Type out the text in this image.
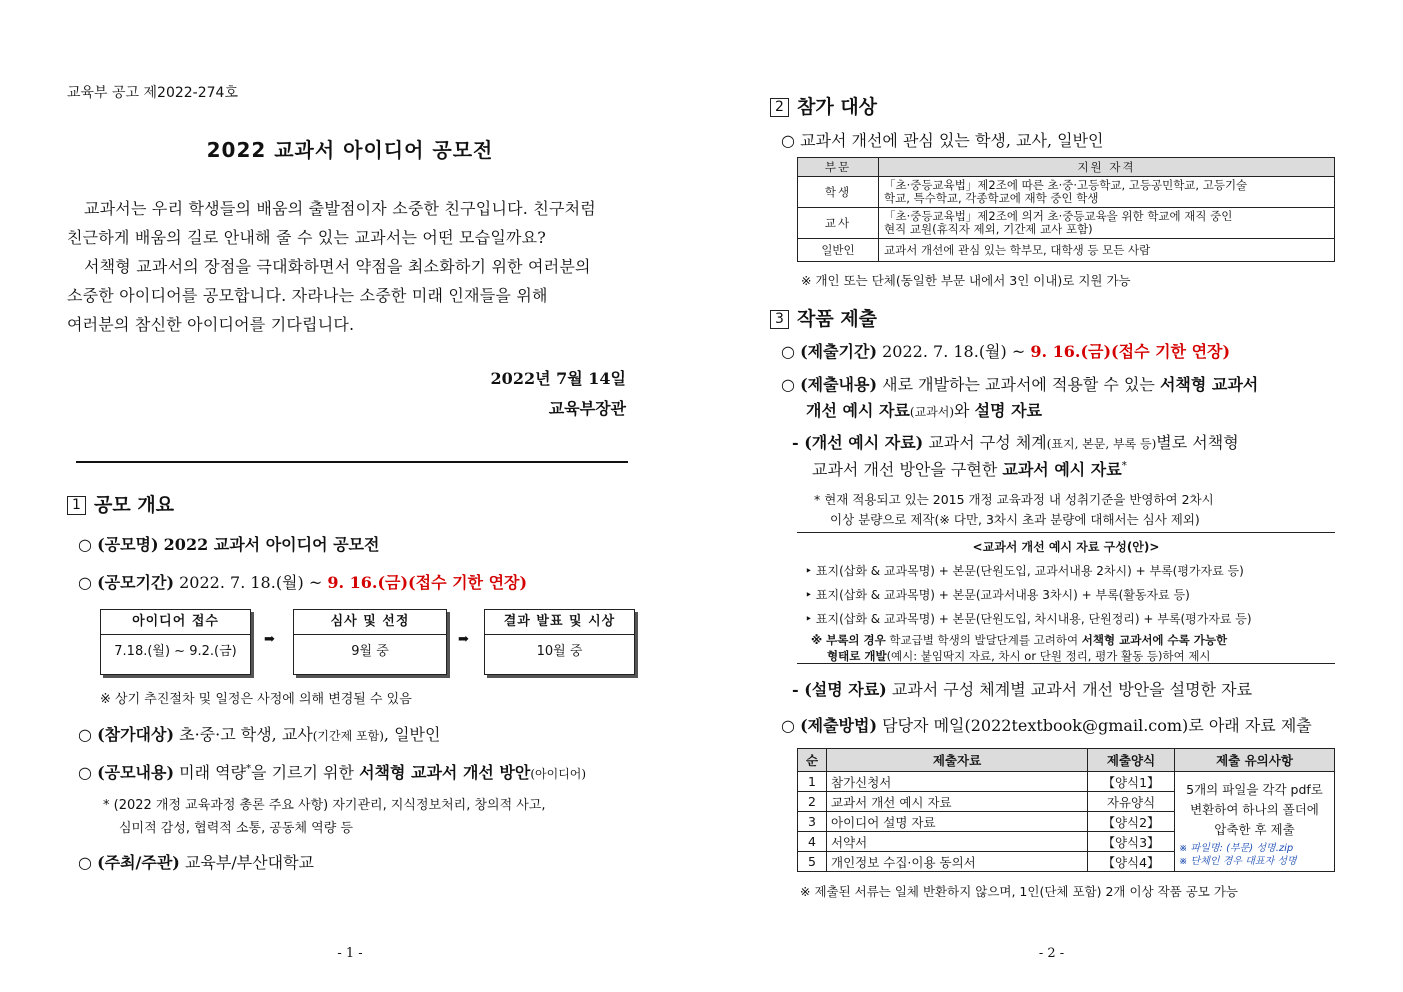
교육부 공고 제2022-274호
2022 교과서 아이디어 공모전
교과서는 우리 학생들의 배움의 출발점이자 소중한 친구입니다. 친구처럼
친근하게 배움의 길로 안내해 줄 수 있는 교과서는 어떤 모습일까요?
서책형 교과서의 장점을 극대화하면서 약점을 최소화하기 위한 여러분의
소중한 아이디어를 공모합니다. 자라나는 소중한 미래 인재들을 위해
여러분의 참신한 아이디어를 기다립니다.
2022년 7월 14일
교육부장관
1 공모 개요
○ (공모명) 2022 교과서 아이디어 공모전
○ (공모기간) 2022. 7. 18.(월) ~ 9. 16.(금)(접수 기한 연장)
아이디어 접수
7.18.(월) ~ 9.2.(금)
➡
심사 및 선정
9월 중
➡
결과 발표 및 시상
10월 중
※ 상기 추진절차 및 일정은 사정에 의해 변경될 수 있음
○ (참가대상) 초·중·고 학생, 교사(기간제 포함), 일반인
○ (공모내용) 미래 역량*을 기르기 위한 서책형 교과서 개선 방안(아이디어)
* (2022 개정 교육과정 총론 주요 사항) 자기관리, 지식정보처리, 창의적 사고,
심미적 감성, 협력적 소통, 공동체 역량 등
○ (주최/주관) 교육부/부산대학교
- 1 -
2 참가 대상
○ 교과서 개선에 관심 있는 학생, 교사, 일반인
부문	지원 자격
학생	「초·중등교육법」제2조에 따른 초·중·고등학교, 고등공민학교, 고등기술
학교, 특수학교, 각종학교에 재학 중인 학생

교사	「초·중등교육법」제2조에 의거 초·중등교육을 위한 학교에 재직 중인
현직 교원(휴직자 제외, 기간제 교사 포함)

일반인	교과서 개선에 관심 있는 학부모, 대학생 등 모든 사람
※ 개인 또는 단체(동일한 부문 내에서 3인 이내)로 지원 가능
3 작품 제출
○ (제출기간) 2022. 7. 18.(월) ~ 9. 16.(금)(접수 기한 연장)
○ (제출내용) 새로 개발하는 교과서에 적용할 수 있는 서책형 교과서
개선 예시 자료(교과서)와 설명 자료
- (개선 예시 자료) 교과서 구성 체계(표지, 본문, 부록 등)별로 서책형
교과서 개선 방안을 구현한 교과서 예시 자료*
* 현재 적용되고 있는 2015 개정 교육과정 내 성취기준을 반영하여 2차시
이상 분량으로 제작(※ 다만, 3차시 초과 분량에 대해서는 심사 제외)
<교과서 개선 예시 자료 구성(안)>
‣ 표지(삽화 & 교과목명) + 본문(단원도입, 교과서내용 2차시) + 부록(평가자료 등)
‣ 표지(삽화 & 교과목명) + 본문(교과서내용 3차시) + 부록(활동자료 등)
‣ 표지(삽화 & 교과목명) + 본문(단원도입, 차시내용, 단원정리) + 부록(평가자료 등)
※ 부록의 경우 학교급별 학생의 발달단계를 고려하여 서책형 교과서에 수록 가능한
형태로 개발(예시: 붙임딱지 자료, 차시 or 단원 정리, 평가 활동 등)하여 제시
- (설명 자료) 교과서 구성 체계별 교과서 개선 방안을 설명한 자료
○ (제출방법) 담당자 메일(2022textbook@gmail.com)로 아래 자료 제출
순	제출자료	제출양식	제출 유의사항
1	참가신청서	【양식1】	5개의 파일을 각각 pdf로
변환하여 하나의 폴더에
압축한 후 제출
※ 파일명: (부문) 성명.zip
※ 단체인 경우 대표자 성명

2	교과서 개선 예시 자료	자유양식	
3	아이디어 설명 자료	【양식2】	
4	서약서	【양식3】	
5	개인정보 수집·이용 동의서	【양식4】	
※ 제출된 서류는 일체 반환하지 않으며, 1인(단체 포함) 2개 이상 작품 공모 가능
- 2 -
